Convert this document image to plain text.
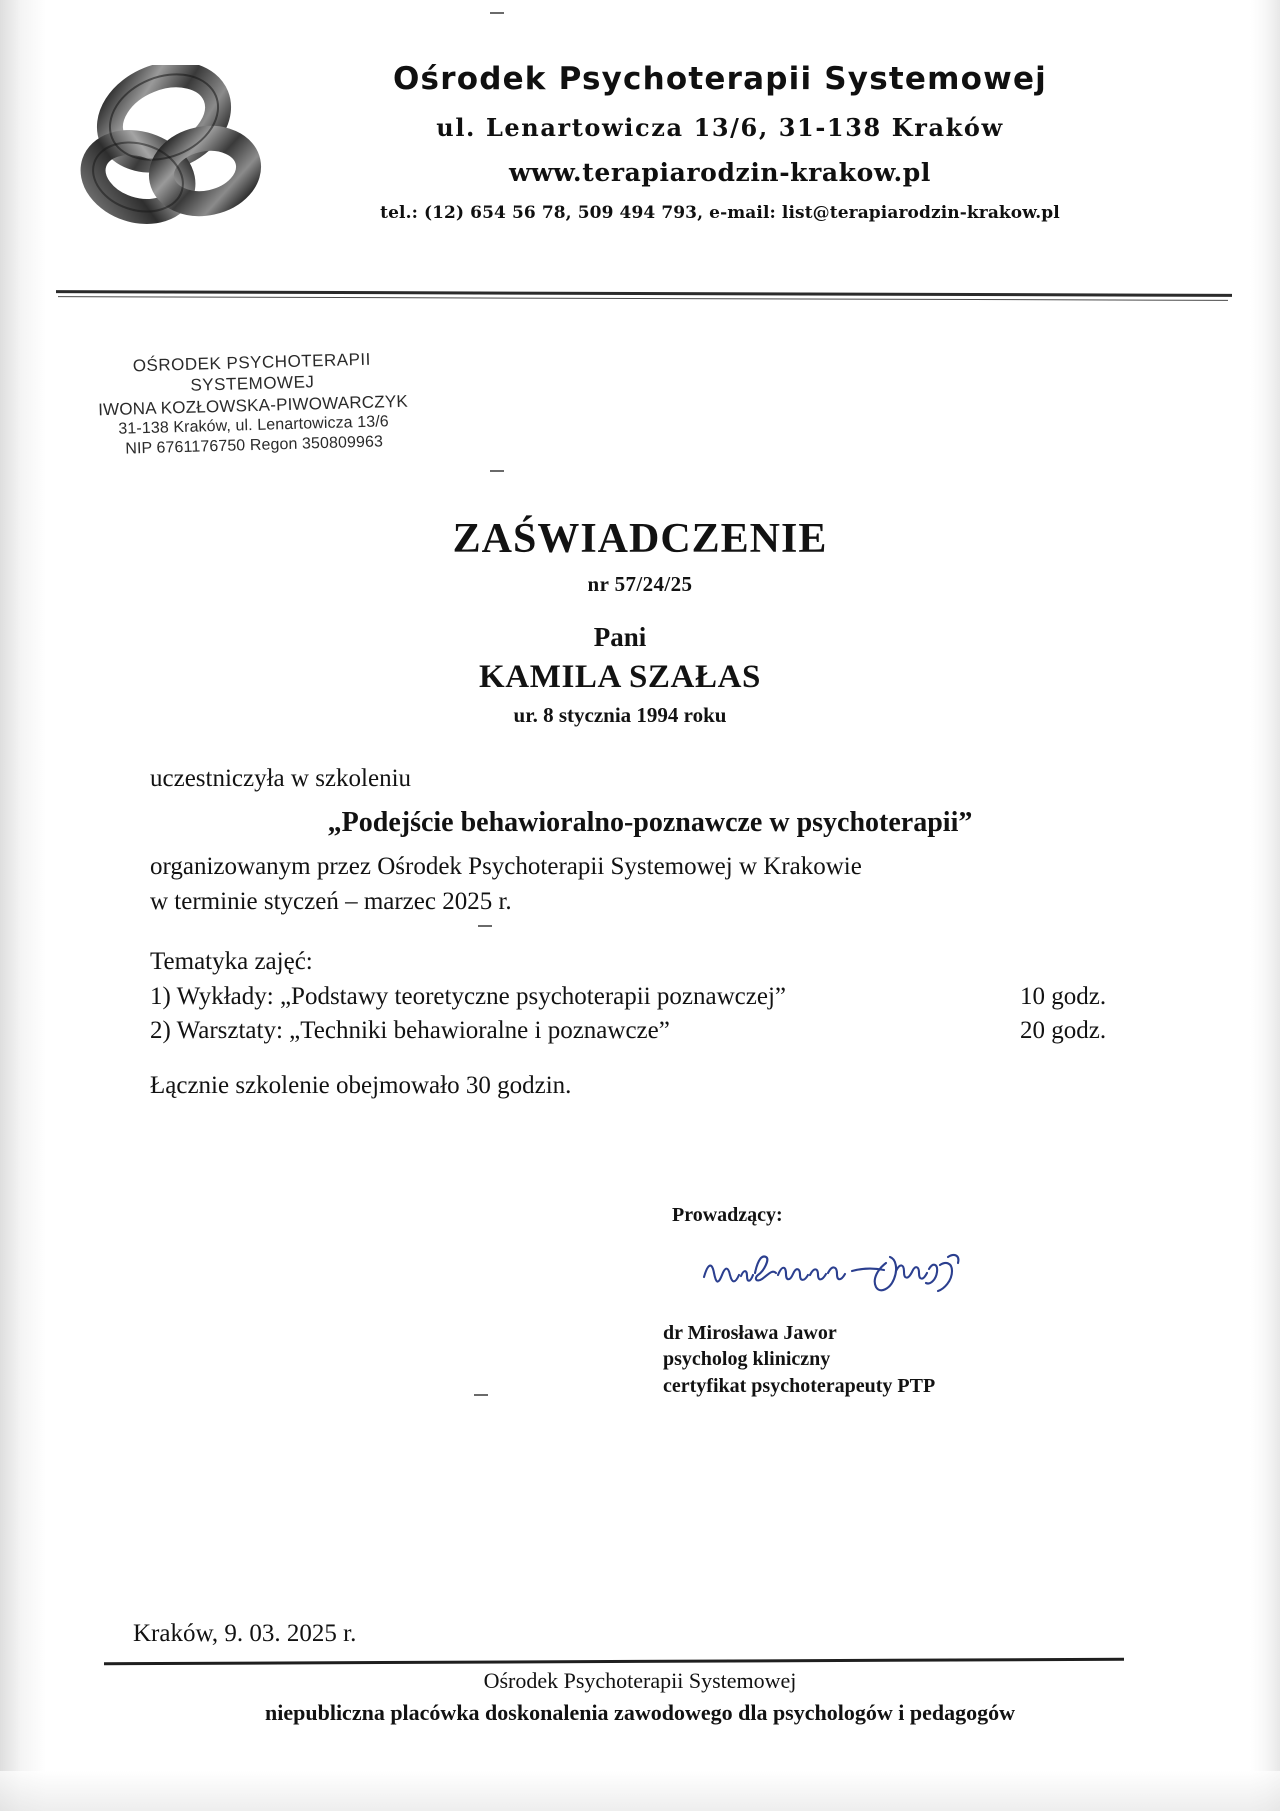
Ośrodek Psychoterapii Systemowej
ul. Lenartowicza 13/6, 31-138 Kraków
www.terapiarodzin-krakow.pl
tel.: (12) 654 56 78, 509 494 793, e-mail: list@terapiarodzin-krakow.pl
OŚRODEK PSYCHOTERAPII
SYSTEMOWEJ
IWONA KOZŁOWSKA-PIWOWARCZYK
31-138 Kraków, ul. Lenartowicza 13/6
NIP 6761176750 Regon 350809963
ZAŚWIADCZENIE
nr 57/24/25
Pani
KAMILA SZAŁAS
ur. 8 stycznia 1994 roku
uczestniczyła w szkoleniu
„Podejście behawioralno-poznawcze w psychoterapii”
organizowanym przez Ośrodek Psychoterapii Systemowej w Krakowie
w terminie styczeń – marzec 2025 r.
Tematyka zajęć:
1) Wykłady: „Podstawy teoretyczne psychoterapii poznawczej”	10 godz.
2) Warsztaty: „Techniki behawioralne i poznawcze”	20 godz.
Łącznie szkolenie obejmowało 30 godzin.
Prowadzący:
dr Mirosława Jawor
psycholog kliniczny
certyfikat psychoterapeuty PTP
Kraków, 9. 03. 2025 r.
Ośrodek Psychoterapii Systemowej
niepubliczna placówka doskonalenia zawodowego dla psychologów i pedagogów
